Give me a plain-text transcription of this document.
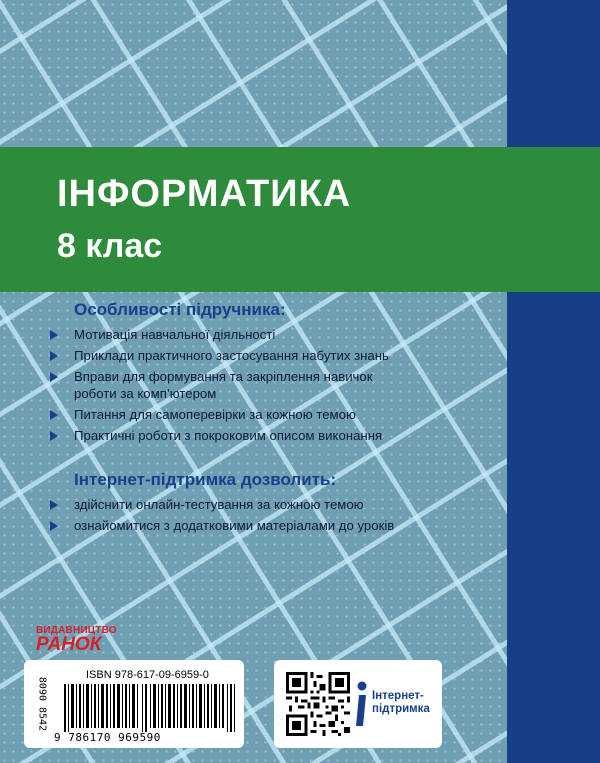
ІНФОРМАТИКА
8 клас
Особливості підручника:
Мотивація навчальної діяльності
Приклади практичного застосування набутих знань
Вправи для формування та закріплення навичок роботи за комп’ютером
Питання для самоперевірки за кожною темою
Практичні роботи з покроковим описом виконання
Інтернет-підтримка дозволить:
здійснити онлайн-тестування за кожною темою
ознайомитися з додатковими матеріалами до уроків
ВИДАВНИЦТВО
РАНОК
8090 8542
ISBN 978-617-09-6959-0
9 786170 969590
Інтернет-
підтримка
